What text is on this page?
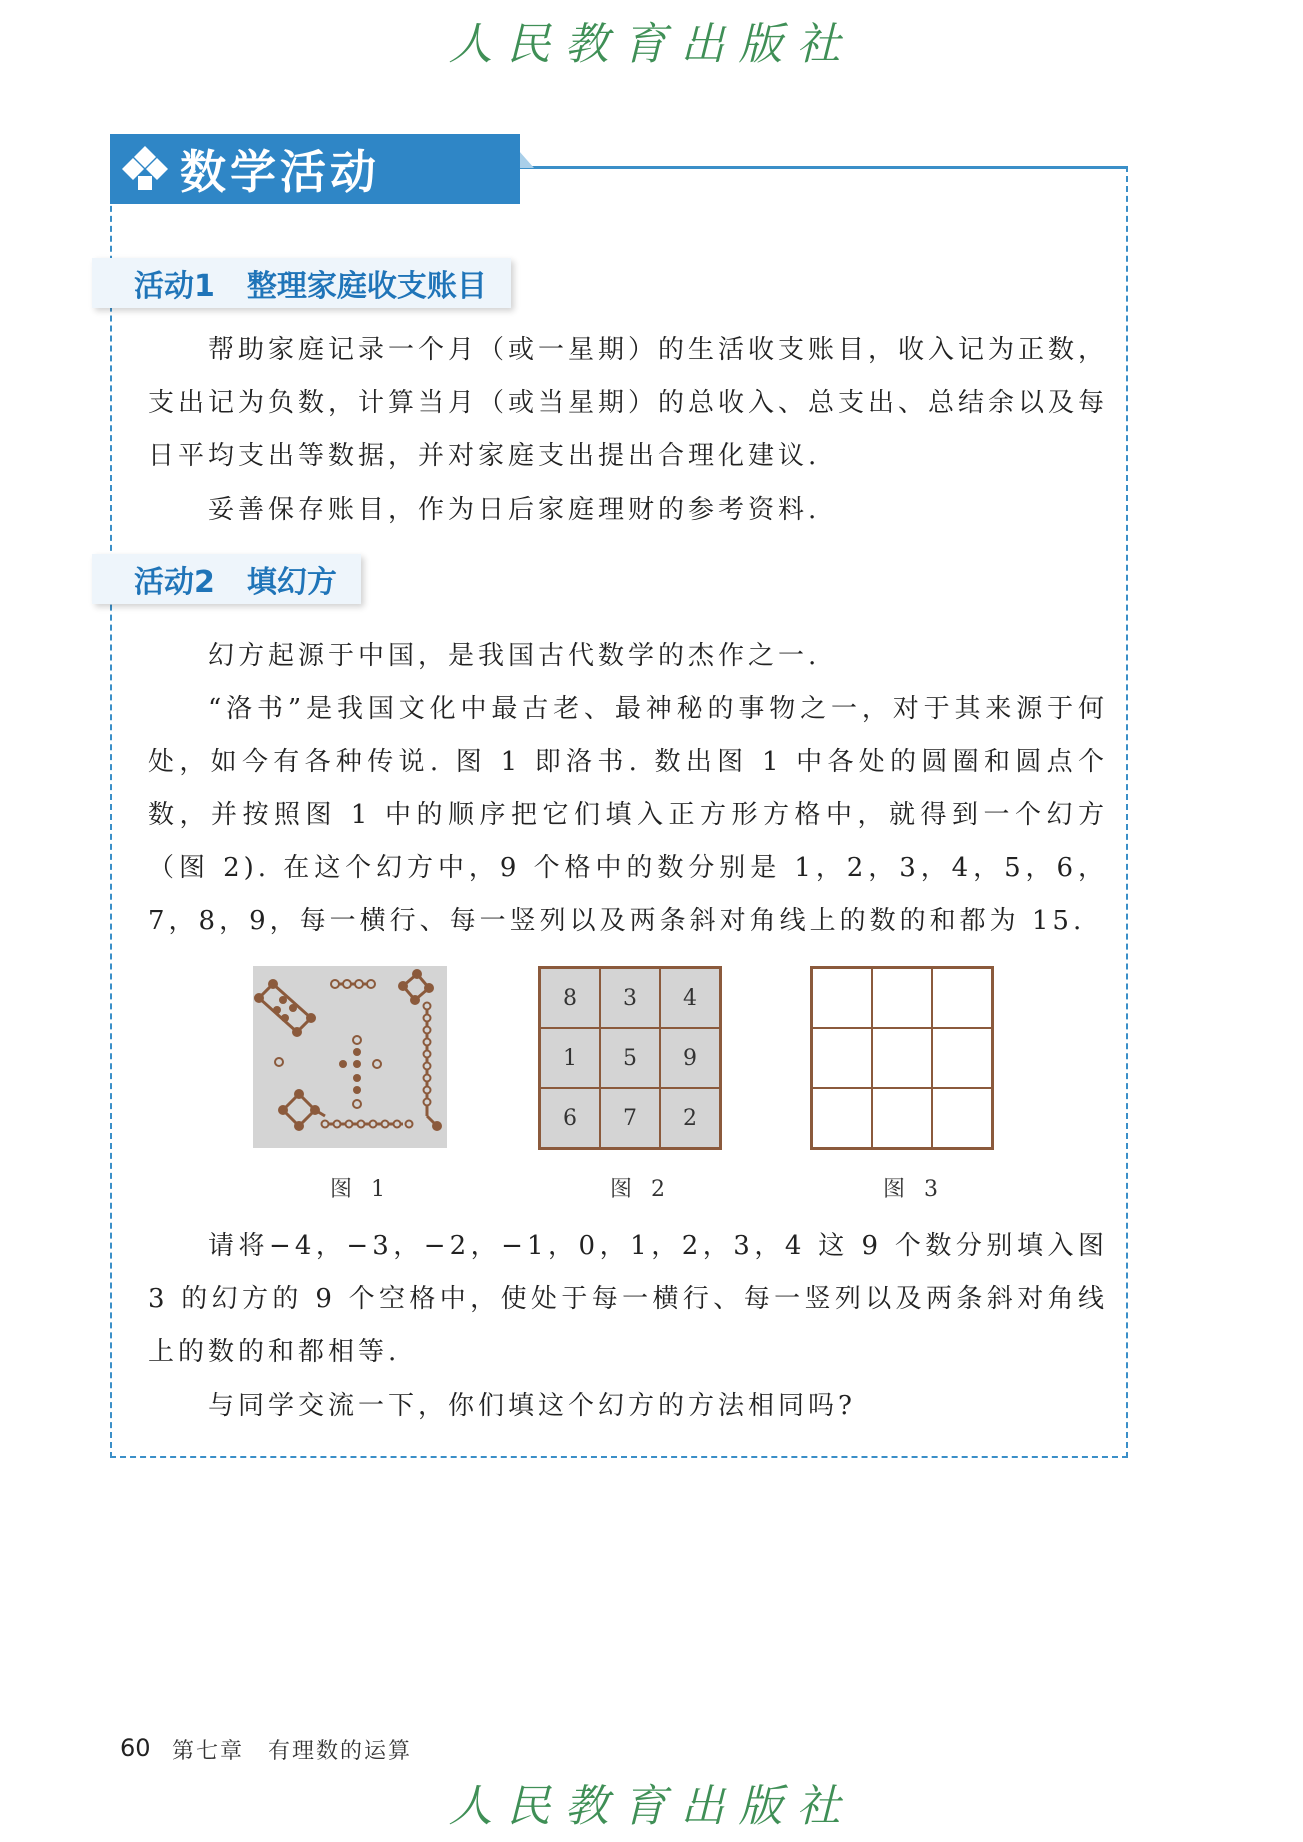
人民教育出版社
数学活动
活动1 整理家庭收支账目

帮助家庭记录一个月（或一星期）的生活收支账目，收入记为正数，支出记为负数，计算当月（或当星期）的总收入、总支出、总结余以及每日平均支出等数据，并对家庭支出提出合理化建议.

妥善保存账目，作为日后家庭理财的参考资料.

活动2 填幻方

幻方起源于中国，是我国古代数学的杰作之一.

“洛书”是我国文化中最古老、最神秘的事物之一，对于其来源于何处，如今有各种传说. 图 1 即洛书. 数出图 1 中各处的圆圈和圆点个数，并按照图 1 中的顺序把它们填入正方形方格中，就得到一个幻方（图 2). 在这个幻方中，9 个格中的数分别是 1，2，3，4，5，6，7，8，9，每一横行、每一竖列以及两条斜对角线上的数的和都为 15.

8	3	4
1	5	9
6	7	2
图 1	图 2	图 3

请将−4，−3，−2，−1，0，1，2，3，4 这 9 个数分别填入图 3 的幻方的 9 个空格中，使处于每一横行、每一竖列以及两条斜对角线上的数的和都相等.

与同学交流一下，你们填这个幻方的方法相同吗?

60 第七章　有理数的运算
人民教育出版社
